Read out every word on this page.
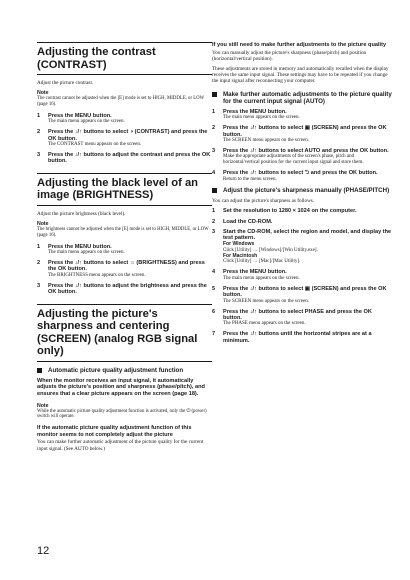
Adjusting the contrast (CONTRAST)

Adjust the picture contrast.

Note

The contrast cannot be adjusted when the [E] mode is set to HIGH, MIDDLE, or LOW (page 16).

1 Press the MENU button.
The main menu appears on the screen.
2 Press the ↓/↑ buttons to select ◑ (CONTRAST) and press the OK button.
The CONTRAST menu appears on the screen.
3 Press the ↓/↑ buttons to adjust the contrast and press the OK button.
Adjusting the black level of an image (BRIGHTNESS)

Adjust the picture brightness (black level).

Note

The brightness cannot be adjusted when the [E] mode is set to HIGH, MIDDLE, or LOW (page 16).

1 Press the MENU button.
The main menu appears on the screen.
2 Press the ↓/↑ buttons to select ☼ (BRIGHTNESS) and press the OK button.
The BRIGHTNESS menu appears on the screen.
3 Press the ↓/↑ buttons to adjust the brightness and press the OK button.
Adjusting the picture's sharpness and centering (SCREEN) (analog RGB signal only)
Automatic picture quality adjustment function

When the monitor receives an input signal, it automatically adjusts the picture's position and sharpness (phase/pitch), and ensures that a clear picture appears on the screen (page 18).

Note

While the automatic picture quality adjustment function is activated, only the ⏻ (power) switch will operate.

If the automatic picture quality adjustment function of this monitor seems to not completely adjust the picture

You can make further automatic adjustment of the picture quality for the current input signal. (See AUTO below.)

If you still need to make further adjustments to the picture quality

You can manually adjust the picture's sharpness (phase/pitch) and position (horizontal/vertical position).

These adjustments are stored in memory and automatically recalled when the display receives the same input signal. These settings may have to be repeated if you change the input signal after reconnecting your computer.

Make further automatic adjustments to the picture quality for the current input signal (AUTO)
1 Press the MENU button.
The main menu appears on the screen.
2 Press the ↓/↑ buttons to select ▣ (SCREEN) and press the OK button.
The SCREEN menu appears on the screen.
3 Press the ↓/↑ buttons to select AUTO and press the OK button.
Make the appropriate adjustments of the screen's phase, pitch and horizontal/vertical position for the current input signal and store them.
4 Press the ↓/↑ buttons to select ⮌ and press the OK button.
Return to the menu screen.
Adjust the picture's sharpness manually (PHASE/PITCH)

You can adjust the picture's sharpness as follows.

1 Set the resolution to 1280 × 1024 on the computer.
2 Load the CD-ROM.
3 Start the CD-ROM, select the region and model, and display the test pattern.
For Windows
Click [Utility] → [Windows]/[Win Utility.exe].
For Macintosh
Click [Utility] → [Mac]/[Mac Utility].
4 Press the MENU button.
The main menu appears on the screen.
5 Press the ↓/↑ buttons to select ▣ (SCREEN) and press the OK button.
The SCREEN menu appears on the screen.
6 Press the ↓/↑ buttons to select PHASE and press the OK button.
The PHASE menu appears on the screen.
7 Press the ↓/↑ buttons until the horizontal stripes are at a minimum.
12
